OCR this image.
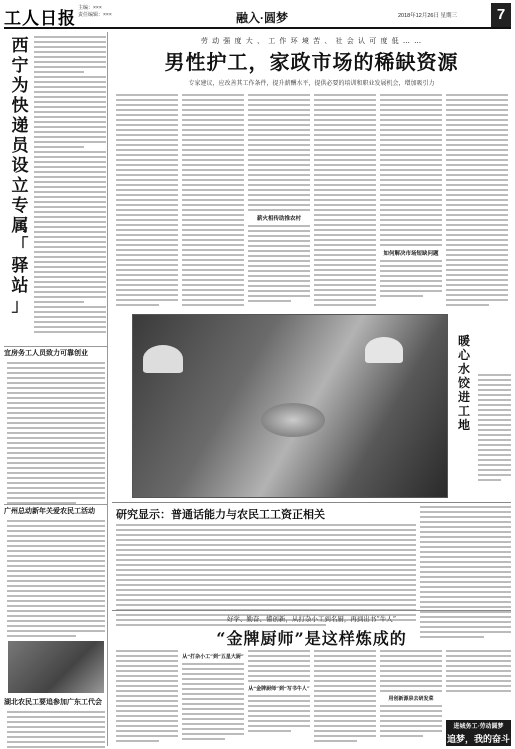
工人日报
主编：×××
责任编辑：×××	融入·圆梦	2018年12月26日 星期三	7
西
宁
为
快
递
员
设
立
专
属
「
驿
站
」
宜房务工人员致力可靠创业
广州总动新年关爱农民工活动
湖北农民工要追参加广东工代会
劳 动 强 度 大 、 工 作 环 境 苦 、 社 会 认 可 度 低 … …
男性护工，家政市场的稀缺资源
专家建议，应改善其工作条件，提升薪酬水平，提供必要的培训和职业发展机会，增加吸引力
薪火相传助推农村
如何解决市场短缺问题
暖
心
水
饺
进
工
地
研究显示：普通话能力与农民工工资正相关
好学、勤奋、懂创新，从打杂小工到名厨，再到出书“牛人”
“金牌厨师”是这样炼成的
从“打杂小工”到“五星大厨”
从“金牌厨师”到“写书牛人”
用创新源泉去研发菜
进城务工·劳动圆梦
追梦，我的奋斗
